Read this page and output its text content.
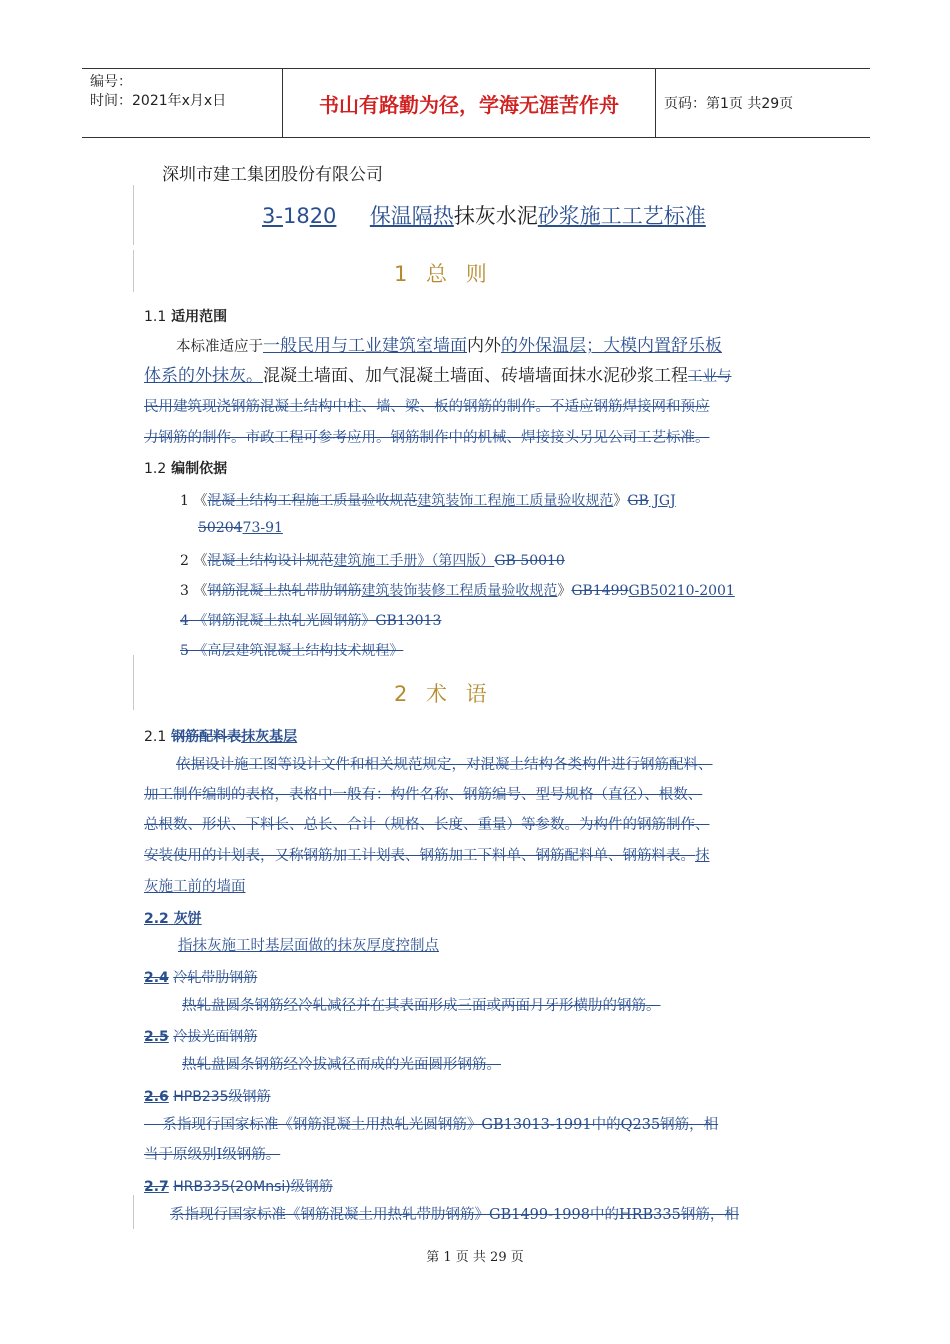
编号：
时间：2021年x月x日	书山有路勤为径，学海无涯苦作舟	页码：第1页 共29页
深圳市建工集团股份有限公司
3-1820 保温隔热抹灰水泥砂浆施工工艺标准
1 总 则
1.1 适用范围
本标准适应于一般民用与工业建筑室墙面内外的外保温层；大模内置舒乐板
体系的外抹灰。混凝土墙面、加气混凝土墙面、砖墙墙面抹水泥砂浆工程工业与
民用建筑现浇钢筋混凝土结构中柱、墙、梁、板的钢筋的制作。不适应钢筋焊接网和预应
力钢筋的制作。市政工程可参考应用。钢筋制作中的机械、焊接接头另见公司工艺标准。
1.2 编制依据
1 《混凝土结构工程施工质量验收规范建筑装饰工程施工质量验收规范》GB JGJ
5020473-91
2 《混凝土结构设计规范建筑施工手册》（第四版）GB 50010
3 《钢筋混凝土热轧带肋钢筋建筑装饰装修工程质量验收规范》GB1499GB50210-2001
4 《钢筋混凝土热轧光圆钢筋》GB13013
5 《高层建筑混凝土结构技术规程》
2 术 语
2.1 钢筋配料表抹灰基层
依据设计施工图等设计文件和相关规范规定，对混凝土结构各类构件进行钢筋配料、
加工制作编制的表格，表格中一般有：构件名称、钢筋编号、型号规格（直径）、根数、
总根数、形状、下料长、总长、合计（规格、长度、重量）等参数。为构件的钢筋制作、
安装使用的计划表，又称钢筋加工计划表、钢筋加工下料单、钢筋配料单、钢筋料表。抹
灰施工前的墙面
2.2 灰饼
指抹灰施工时基层面做的抹灰厚度控制点
2.4 冷轧带肋钢筋
热轧盘圆条钢筋经冷轧减径并在其表面形成三面或两面月牙形横肋的钢筋。
2.5 冷拔光面钢筋
热轧盘圆条钢筋经冷拔减径而成的光面圆形钢筋。
2.6 HPB235级钢筋
系指现行国家标准《钢筋混凝土用热轧光圆钢筋》GB13013-1991中的Q235钢筋，相
当于原级别Ⅰ级钢筋。
2.7 HRB335(20Mnsi)级钢筋
系指现行国家标准《钢筋混凝土用热轧带肋钢筋》GB1499-1998中的HRB335钢筋，相
第 1 页 共 29 页
